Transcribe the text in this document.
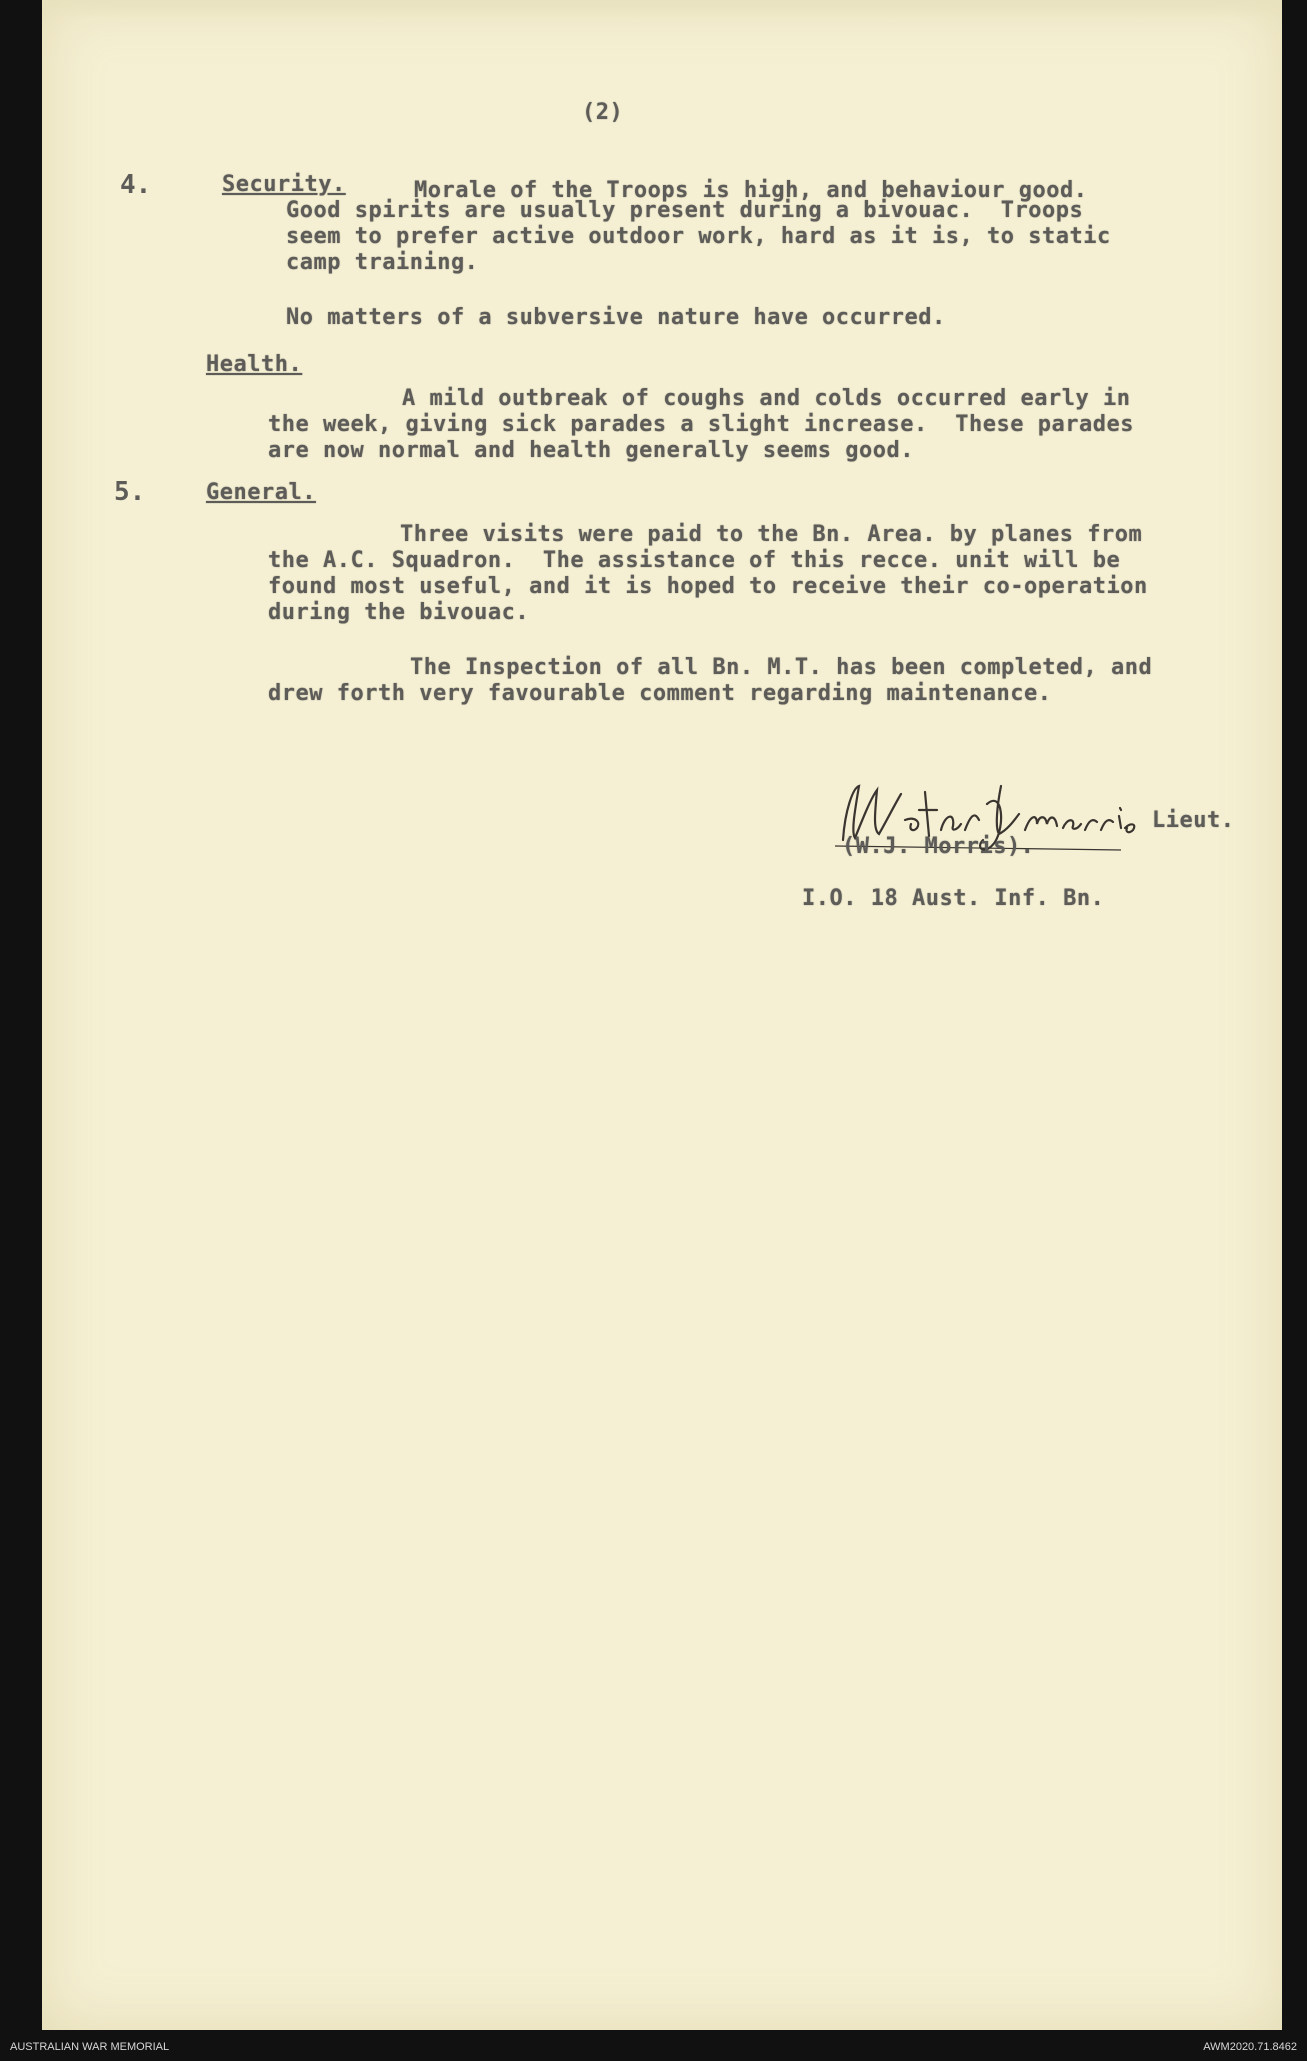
(2)
4.	Security.	Morale of the Troops is high, and behaviour good.
Good spirits are usually present during a bivouac.  Troops
seem to prefer active outdoor work, hard as it is, to static
camp training.
No matters of a subversive nature have occurred.
Health.
A mild outbreak of coughs and colds occurred early in
the week, giving sick parades a slight increase.  These parades
are now normal and health generally seems good.
5.	General.
Three visits were paid to the Bn. Area. by planes from
the A.C. Squadron.  The assistance of this recce. unit will be
found most useful, and it is hoped to receive their co-operation
during the bivouac.
The Inspection of all Bn. M.T. has been completed, and
drew forth very favourable comment regarding maintenance.
Lieut.
(W.J. Morris).
I.O. 18 Aust. Inf. Bn.
AUSTRALIAN WAR MEMORIAL	AWM2020.71.8462
